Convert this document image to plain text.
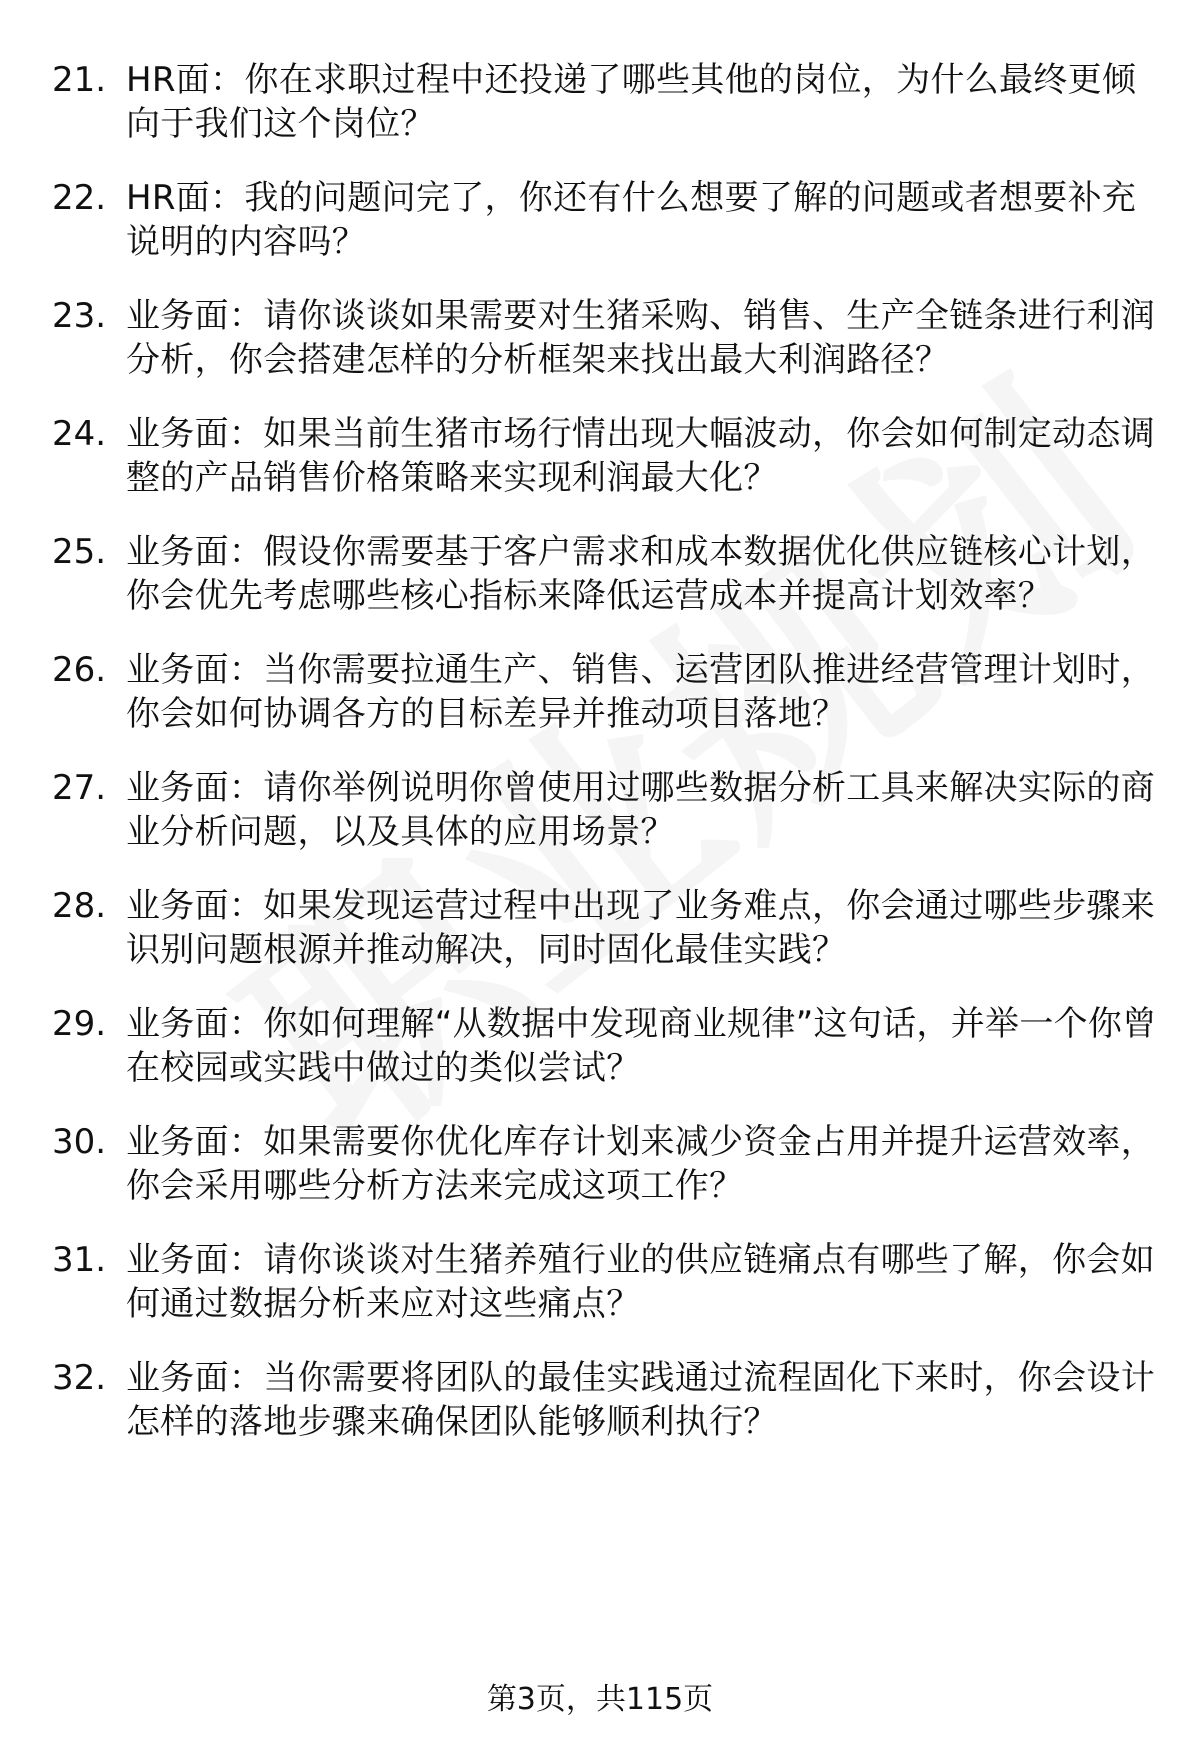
21. HR面：你在求职过程中还投递了哪些其他的岗位，为什么最终更倾向于我们这个岗位？
22. HR面：我的问题问完了，你还有什么想要了解的问题或者想要补充说明的内容吗？
23. 业务面：请你谈谈如果需要对生猪采购、销售、生产全链条进行利润分析，你会搭建怎样的分析框架来找出最大利润路径？
24. 业务面：如果当前生猪市场行情出现大幅波动，你会如何制定动态调整的产品销售价格策略来实现利润最大化？
25. 业务面：假设你需要基于客户需求和成本数据优化供应链核心计划，你会优先考虑哪些核心指标来降低运营成本并提高计划效率？
26. 业务面：当你需要拉通生产、销售、运营团队推进经营管理计划时，你会如何协调各方的目标差异并推动项目落地？
27. 业务面：请你举例说明你曾使用过哪些数据分析工具来解决实际的商业分析问题，以及具体的应用场景？
28. 业务面：如果发现运营过程中出现了业务难点，你会通过哪些步骤来识别问题根源并推动解决，同时固化最佳实践？
29. 业务面：你如何理解“从数据中发现商业规律”这句话，并举一个你曾在校园或实践中做过的类似尝试？
30. 业务面：如果需要你优化库存计划来减少资金占用并提升运营效率，你会采用哪些分析方法来完成这项工作？
31. 业务面：请你谈谈对生猪养殖行业的供应链痛点有哪些了解，你会如何通过数据分析来应对这些痛点？
32. 业务面：当你需要将团队的最佳实践通过流程固化下来时，你会设计怎样的落地步骤来确保团队能够顺利执行？
第3页，共115页
